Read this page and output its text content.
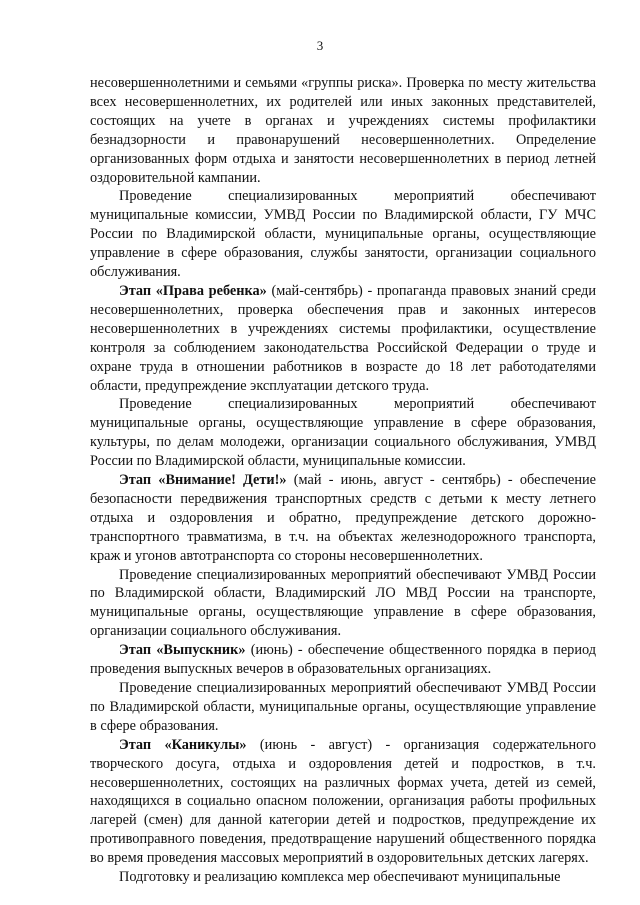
3

несовершеннолетними и семьями «группы риска». Проверка по месту жительства всех несовершеннолетних, их родителей или иных законных представителей, состоящих на учете в органах и учреждениях системы профилактики безнадзорности и правонарушений несовершеннолетних. Определение организованных форм отдыха и занятости несовершеннолетних в период летней оздоровительной кампании.

Проведение специализированных мероприятий обеспечивают муниципальные комиссии, УМВД России по Владимирской области, ГУ МЧС России по Владимирской области, муниципальные органы, осуществляющие управление в сфере образования, службы занятости, организации социального обслуживания.

Этап «Права ребенка» (май-сентябрь) - пропаганда правовых знаний среди несовершеннолетних, проверка обеспечения прав и законных интересов несовершеннолетних в учреждениях системы профилактики, осуществление контроля за соблюдением законодательства Российской Федерации о труде и охране труда в отношении работников в возрасте до 18 лет работодателями области, предупреждение эксплуатации детского труда.

Проведение специализированных мероприятий обеспечивают муниципальные органы, осуществляющие управление в сфере образования, культуры, по делам молодежи, организации социального обслуживания, УМВД России по Владимирской области, муниципальные комиссии.

Этап «Внимание! Дети!» (май - июнь, август - сентябрь) - обеспечение безопасности передвижения транспортных средств с детьми к месту летнего отдыха и оздоровления и обратно, предупреждение детского дорожно-транспортного травматизма, в т.ч. на объектах железнодорожного транспорта, краж и угонов автотранспорта со стороны несовершеннолетних.

Проведение специализированных мероприятий обеспечивают УМВД России по Владимирской области, Владимирский ЛО МВД России на транспорте, муниципальные органы, осуществляющие управление в сфере образования, организации социального обслуживания.

Этап «Выпускник» (июнь) - обеспечение общественного порядка в период проведения выпускных вечеров в образовательных организациях.

Проведение специализированных мероприятий обеспечивают УМВД России по Владимирской области, муниципальные органы, осуществляющие управление в сфере образования.

Этап «Каникулы» (июнь - август) - организация содержательного творческого досуга, отдыха и оздоровления детей и подростков, в т.ч. несовершеннолетних, состоящих на различных формах учета, детей из семей, находящихся в социально опасном положении, организация работы профильных лагерей (смен) для данной категории детей и подростков, предупреждение их противоправного поведения, предотвращение нарушений общественного порядка во время проведения массовых мероприятий в оздоровительных детских лагерях.

Подготовку и реализацию комплекса мер обеспечивают муниципальные
